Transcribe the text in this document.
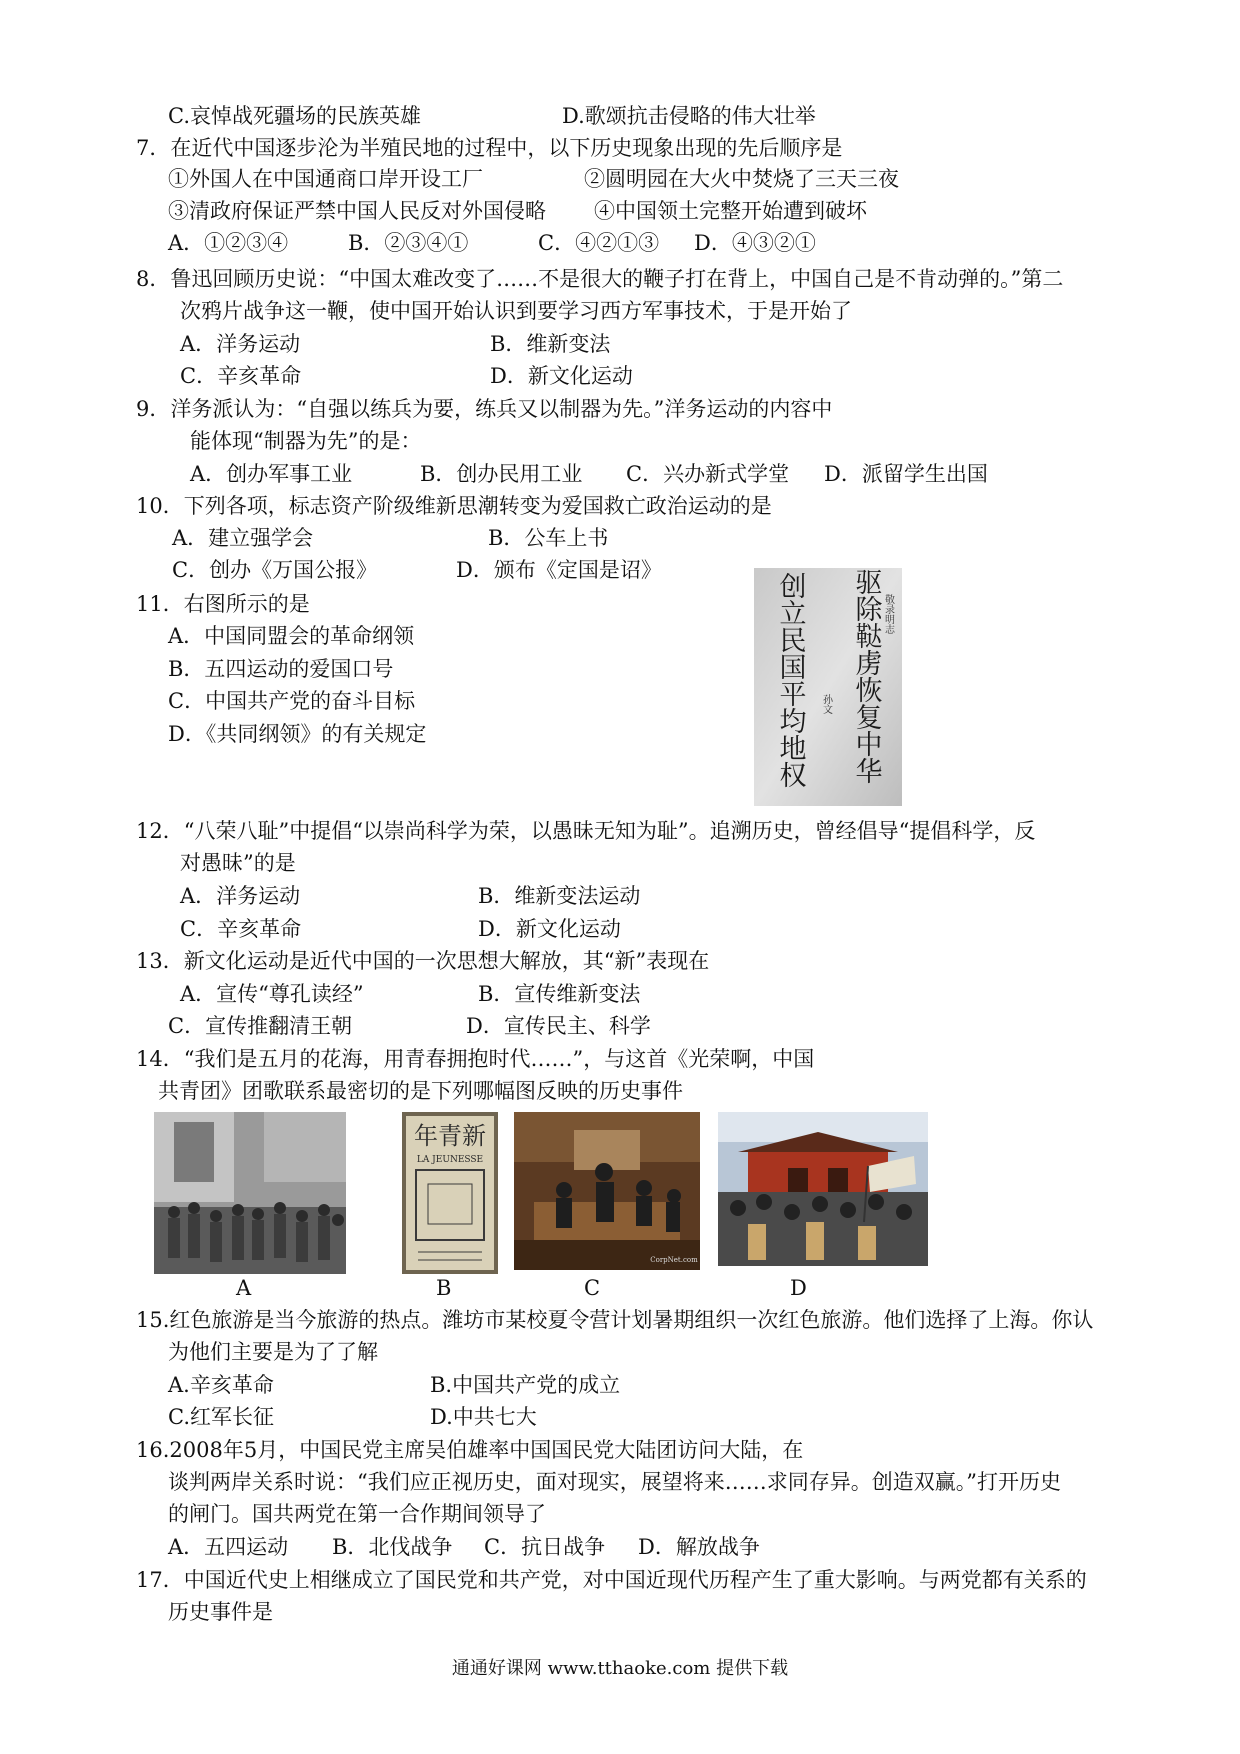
C.哀悼战死疆场的民族英雄	D.歌颂抗击侵略的伟大壮举
7．在近代中国逐步沦为半殖民地的过程中，以下历史现象出现的先后顺序是
①外国人在中国通商口岸开设工厂	②圆明园在大火中焚烧了三天三夜
③清政府保证严禁中国人民反对外国侵略 ④中国领土完整开始遭到破坏
A．①②③④	B．②③④①	C．④②①③ D．④③②①
8．鲁迅回顾历史说：“中国太难改变了……不是很大的鞭子打在背上，中国自己是不肯动弹的。”第二
次鸦片战争这一鞭，使中国开始认识到要学习西方军事技术，于是开始了
A．洋务运动	B．维新变法
C．辛亥革命	D．新文化运动
9．洋务派认为：“自强以练兵为要，练兵又以制器为先。”洋务运动的内容中
能体现“制器为先”的是：
A．创办军事工业	B．创办民用工业 C．兴办新式学堂 D．派留学生出国
10．下列各项，标志资产阶级维新思潮转变为爱国救亡政治运动的是
A．建立强学会	B．公车上书
C．创办《万国公报》	D．颁布《定国是诏》
11．右图所示的是
A．中国同盟会的革命纲领
B．五四运动的爱国口号
C．中国共产党的奋斗目标
D．《共同纲领》的有关规定	驱除鞑虏恢复中华
创立民国平均地权	敬录明志
孙文
12．“八荣八耻”中提倡“以崇尚科学为荣，以愚昧无知为耻”。追溯历史，曾经倡导“提倡科学，反
对愚昧”的是
A．洋务运动	B．维新变法运动
C．辛亥革命	D．新文化运动
13．新文化运动是近代中国的一次思想大解放，其“新”表现在
A．宣传“尊孔读经”	B．宣传维新变法
C．宣传推翻清王朝	D．宣传民主、科学
14．“我们是五月的花海，用青春拥抱时代……”，与这首《光荣啊，中国
共青团》团歌联系最密切的是下列哪幅图反映的历史事件
A
年青新
LA JEUNESSE
B
CorpNet.com
C	D
15.红色旅游是当今旅游的热点。潍坊市某校夏令营计划暑期组织一次红色旅游。他们选择了上海。你认
为他们主要是为了了解
A.辛亥革命	B.中国共产党的成立
C.红军长征	D.中共七大
16.2008年5月，中国民党主席吴伯雄率中国国民党大陆团访问大陆，在
谈判两岸关系时说：“我们应正视历史，面对现实，展望将来……求同存异。创造双赢。”打开历史
的闸门。国共两党在第一合作期间领导了
A．五四运动 B．北伐战争 C．抗日战争 D．解放战争
17．中国近代史上相继成立了国民党和共产党，对中国近现代历程产生了重大影响。与两党都有关系的
历史事件是
通通好课网 www.tthaoke.com 提供下载
